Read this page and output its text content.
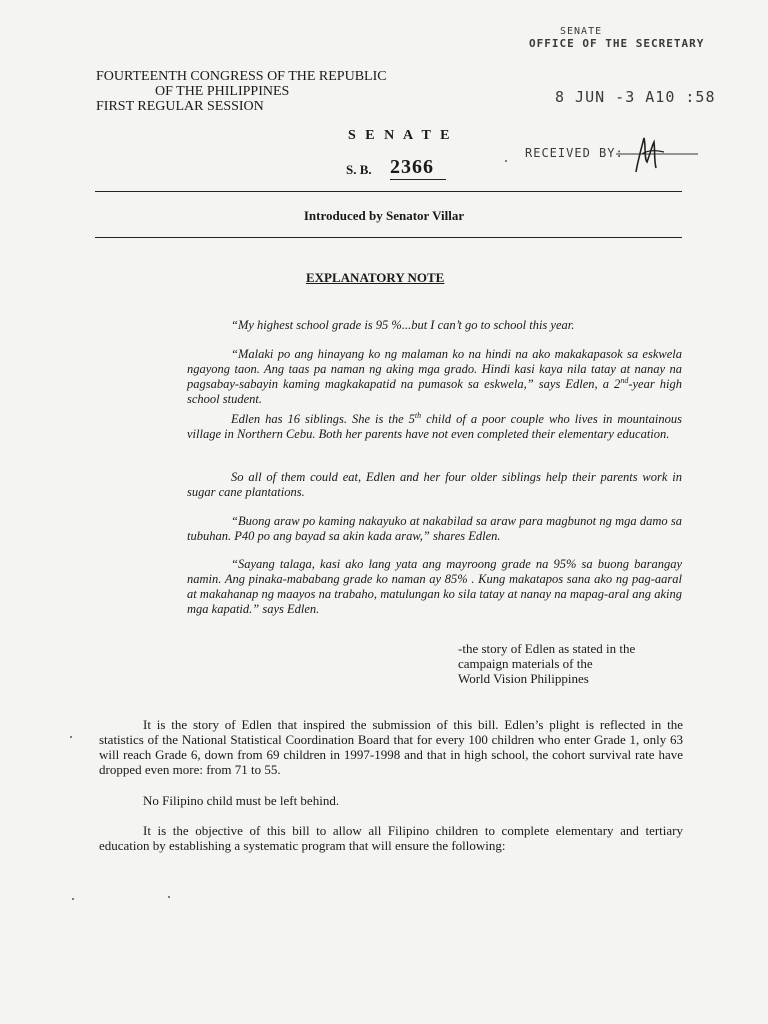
SENATE
OFFICE OF THE SECRETARY
8 JUN -3 A10 :58
RECEIVED BY:
FOURTEENTH CONGRESS OF THE REPUBLIC
OF THE PHILIPPINES
FIRST REGULAR SESSION
S E N A T E
S. B. 2366
Introduced by Senator Villar
EXPLANATORY NOTE

“My highest school grade is 95 %...but I can’t go to school this year.

“Malaki po ang hinayang ko ng malaman ko na hindi na ako makakapasok sa eskwela ngayong taon. Ang taas pa naman ng aking mga grado. Hindi kasi kaya nila tatay at nanay na pagsabay-sabayin kaming magkakapatid na pumasok sa eskwela,” says Edlen, a 2nd-year high school student.

Edlen has 16 siblings. She is the 5th child of a poor couple who lives in mountainous village in Northern Cebu. Both her parents have not even completed their elementary education.

So all of them could eat, Edlen and her four older siblings help their parents work in sugar cane plantations.

“Buong araw po kaming nakayuko at nakabilad sa araw para magbunot ng mga damo sa tubuhan. P40 po ang bayad sa akin kada araw,” shares Edlen.

“Sayang talaga, kasi ako lang yata ang mayroong grade na 95% sa buong barangay namin. Ang pinaka-mababang grade ko naman ay 85% . Kung makatapos sana ako ng pag-aaral at makahanap ng maayos na trabaho, matulungan ko sila tatay at nanay na mapag-aral ang aking mga kapatid.” says Edlen.

-the story of Edlen as stated in the
campaign materials of the
World Vision Philippines

It is the story of Edlen that inspired the submission of this bill. Edlen’s plight is reflected in the statistics of the National Statistical Coordination Board that for every 100 children who enter Grade 1, only 63 will reach Grade 6, down from 69 children in 1997-1998 and that in high school, the cohort survival rate have dropped even more: from 71 to 55.

No Filipino child must be left behind.

It is the objective of this bill to allow all Filipino children to complete elementary and tertiary education by establishing a systematic program that will ensure the following:
